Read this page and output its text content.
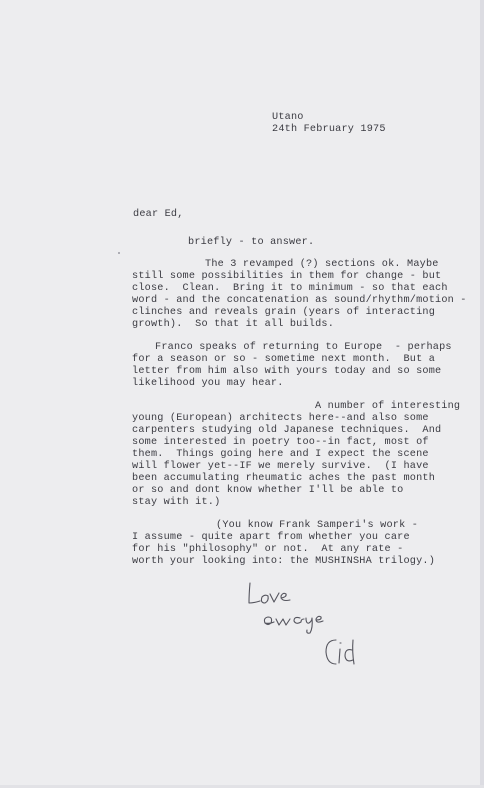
Utano
24th February 1975
dear Ed,
briefly - to answer.
The 3 revamped (?) sections ok. Maybe
still some possibilities in them for change - but
close.  Clean.  Bring it to minimum - so that each
word - and the concatenation as sound/rhythm/motion -
clinches and reveals grain (years of interacting
growth).  So that it all builds.
Franco speaks of returning to Europe  - perhaps
for a season or so - sometime next month.  But a
letter from him also with yours today and so some
likelihood you may hear.
A number of interesting
young (European) architects here--and also some
carpenters studying old Japanese techniques.  And
some interested in poetry too--in fact, most of
them.  Things going here and I expect the scene
will flower yet--IF we merely survive.  (I have
been accumulating rheumatic aches the past month
or so and dont know whether I'll be able to
stay with it.)
(You know Frank Samperi's work -
I assume - quite apart from whether you care
for his "philosophy" or not.  At any rate -
worth your looking into: the MUSHINSHA trilogy.)
